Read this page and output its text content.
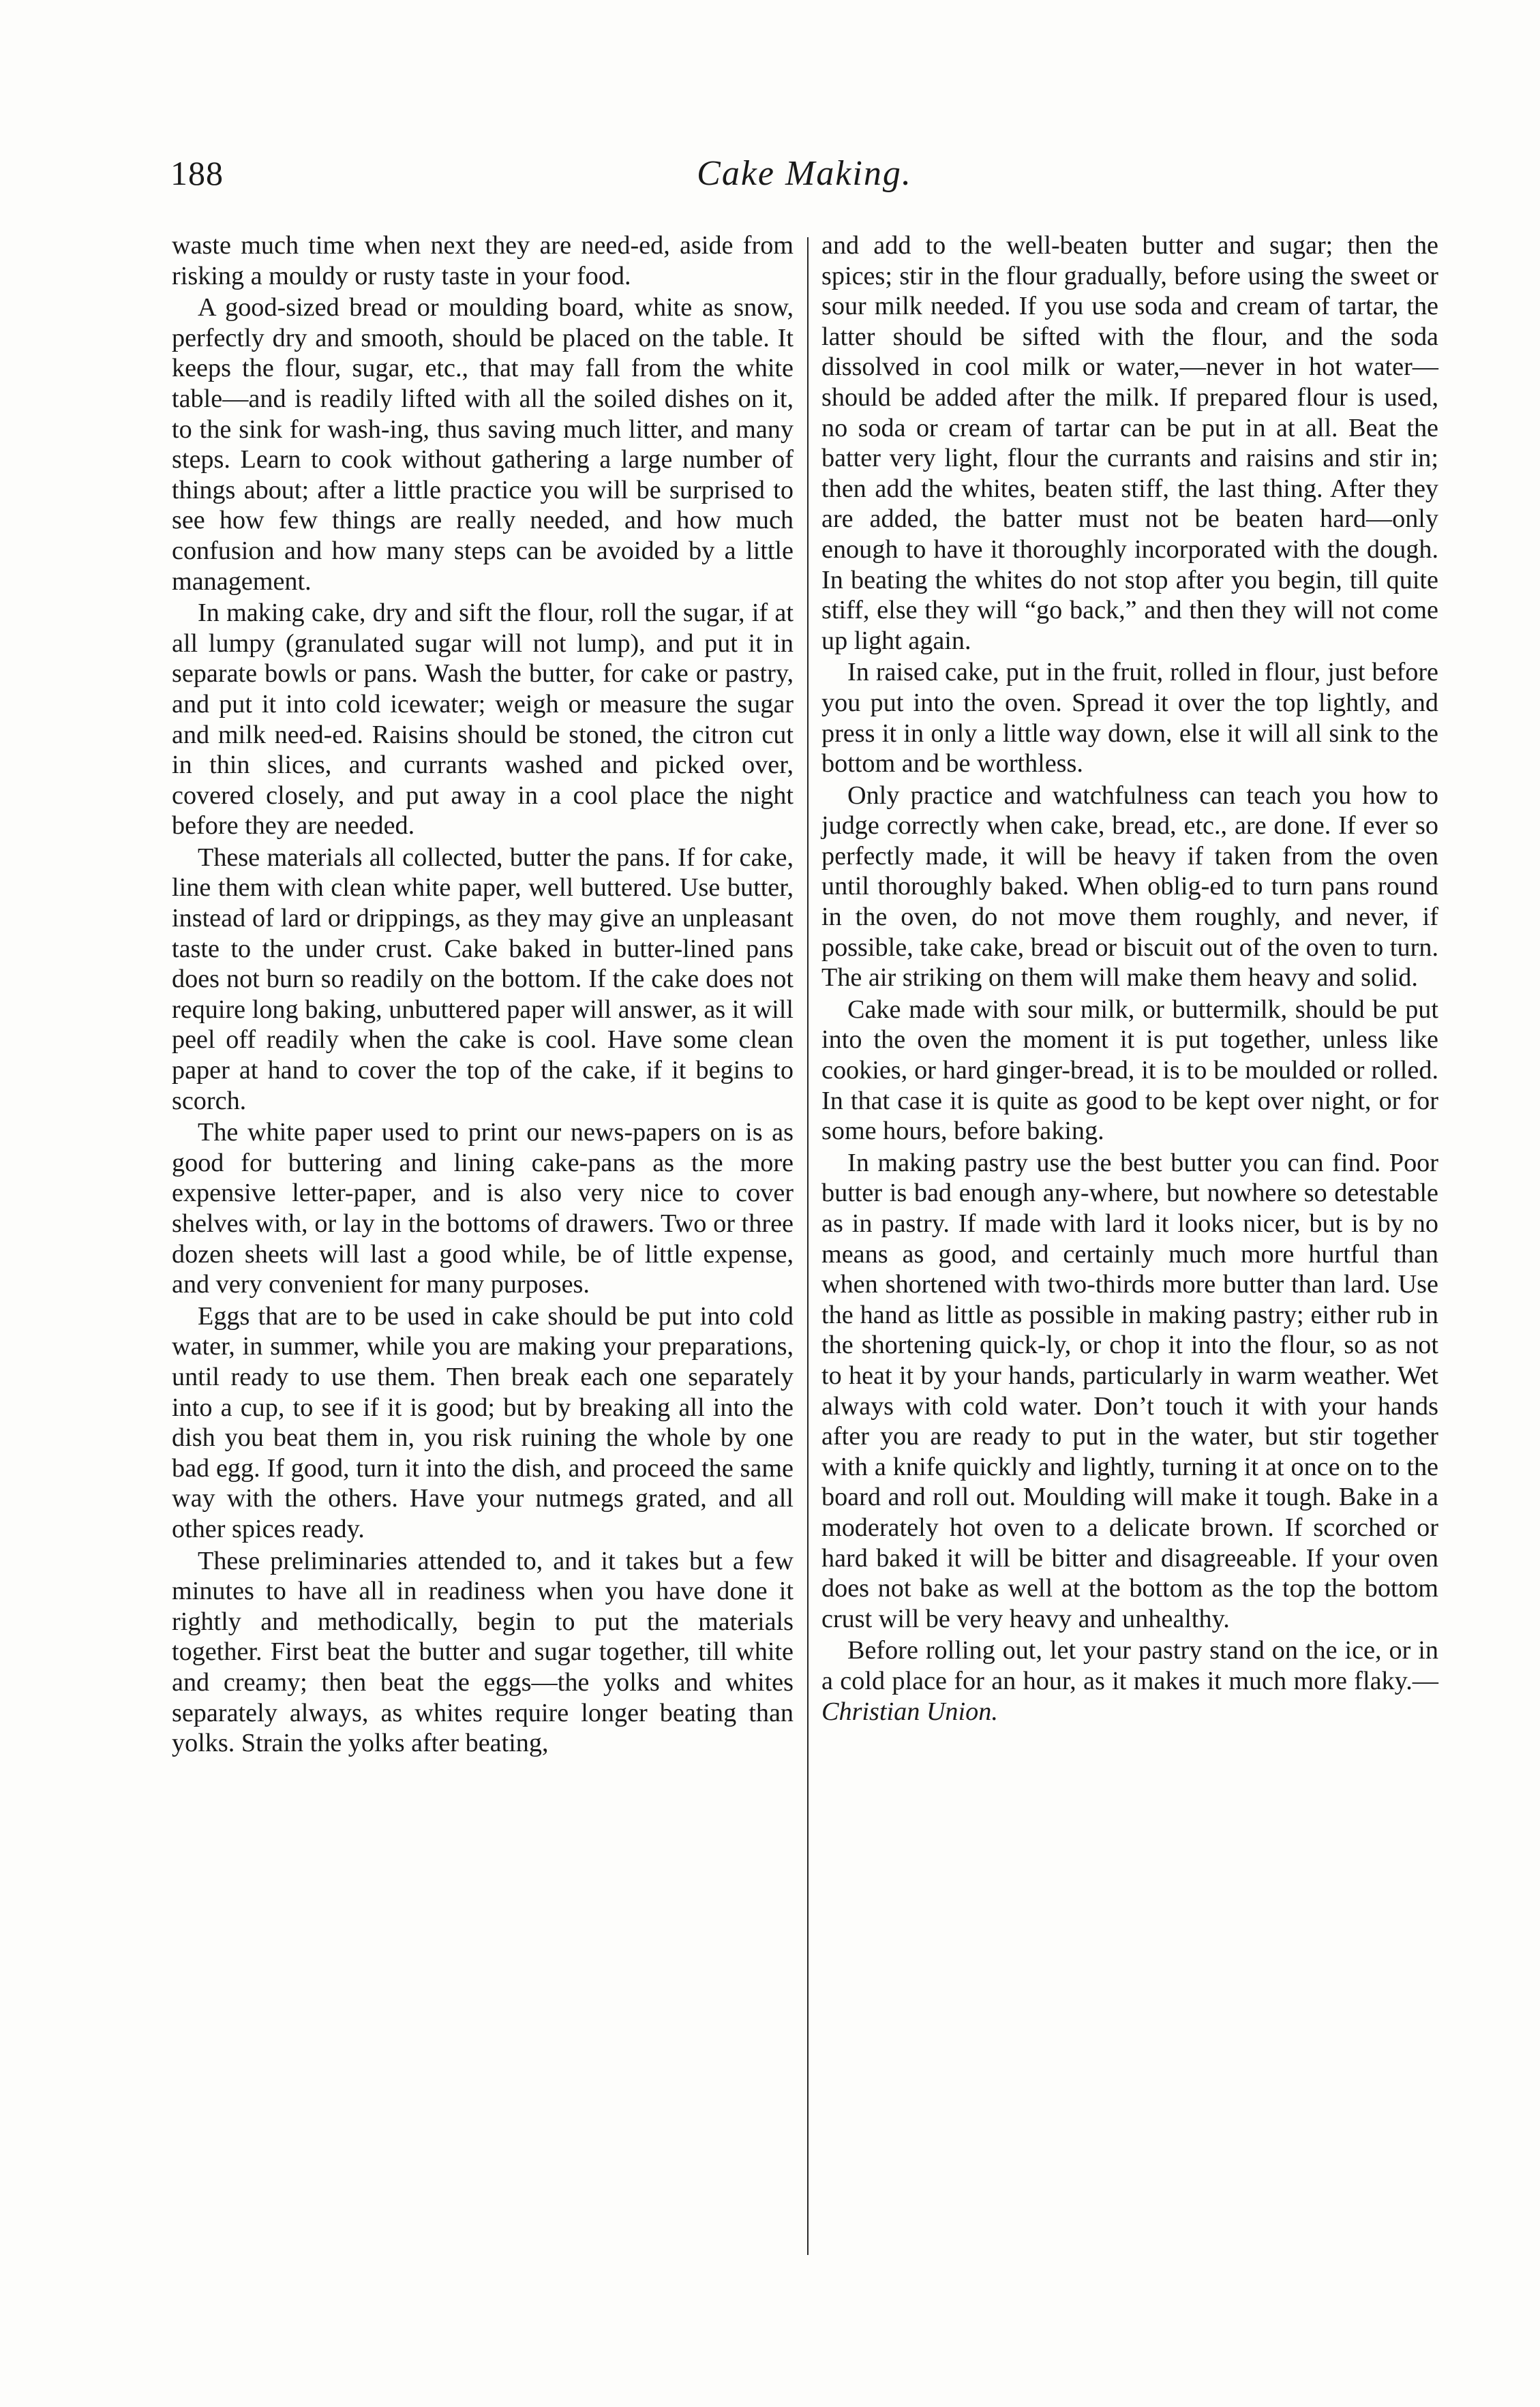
188	Cake Making.

waste much time when next they are need-ed, aside from risking a mouldy or rusty taste in your food.

A good-sized bread or moulding board, white as snow, perfectly dry and smooth, should be placed on the table. It keeps the flour, sugar, etc., that may fall from the white table—and is readily lifted with all the soiled dishes on it, to the sink for wash-ing, thus saving much litter, and many steps. Learn to cook without gathering a large number of things about; after a little practice you will be surprised to see how few things are really needed, and how much confusion and how many steps can be avoided by a little management.

In making cake, dry and sift the flour, roll the sugar, if at all lumpy (granulated sugar will not lump), and put it in separate bowls or pans. Wash the butter, for cake or pastry, and put it into cold icewater; weigh or measure the sugar and milk need-ed. Raisins should be stoned, the citron cut in thin slices, and currants washed and picked over, covered closely, and put away in a cool place the night before they are needed.

These materials all collected, butter the pans. If for cake, line them with clean white paper, well buttered. Use butter, instead of lard or drippings, as they may give an unpleasant taste to the under crust. Cake baked in butter-lined pans does not burn so readily on the bottom. If the cake does not require long baking, unbuttered paper will answer, as it will peel off readily when the cake is cool. Have some clean paper at hand to cover the top of the cake, if it begins to scorch.

The white paper used to print our news-papers on is as good for buttering and lining cake-pans as the more expensive letter-paper, and is also very nice to cover shelves with, or lay in the bottoms of drawers. Two or three dozen sheets will last a good while, be of little expense, and very convenient for many purposes.

Eggs that are to be used in cake should be put into cold water, in summer, while you are making your preparations, until ready to use them. Then break each one separately into a cup, to see if it is good; but by breaking all into the dish you beat them in, you risk ruining the whole by one bad egg. If good, turn it into the dish, and proceed the same way with the others. Have your nutmegs grated, and all other spices ready.

These preliminaries attended to, and it takes but a few minutes to have all in readiness when you have done it rightly and methodically, begin to put the materials together. First beat the butter and sugar together, till white and creamy; then beat the eggs—the yolks and whites separately always, as whites require longer beating than yolks. Strain the yolks after beating,

and add to the well-beaten butter and sugar; then the spices; stir in the flour gradually, before using the sweet or sour milk needed. If you use soda and cream of tartar, the latter should be sifted with the flour, and the soda dissolved in cool milk or water,—never in hot water—should be added after the milk. If prepared flour is used, no soda or cream of tartar can be put in at all. Beat the batter very light, flour the currants and raisins and stir in; then add the whites, beaten stiff, the last thing. After they are added, the batter must not be beaten hard—only enough to have it thoroughly incorporated with the dough. In beating the whites do not stop after you begin, till quite stiff, else they will “go back,” and then they will not come up light again.

In raised cake, put in the fruit, rolled in flour, just before you put into the oven. Spread it over the top lightly, and press it in only a little way down, else it will all sink to the bottom and be worthless.

Only practice and watchfulness can teach you how to judge correctly when cake, bread, etc., are done. If ever so perfectly made, it will be heavy if taken from the oven until thoroughly baked. When oblig-ed to turn pans round in the oven, do not move them roughly, and never, if possible, take cake, bread or biscuit out of the oven to turn. The air striking on them will make them heavy and solid.

Cake made with sour milk, or buttermilk, should be put into the oven the moment it is put together, unless like cookies, or hard ginger-bread, it is to be moulded or rolled. In that case it is quite as good to be kept over night, or for some hours, before baking.

In making pastry use the best butter you can find. Poor butter is bad enough any-where, but nowhere so detestable as in pastry. If made with lard it looks nicer, but is by no means as good, and certainly much more hurtful than when shortened with two-thirds more butter than lard. Use the hand as little as possible in making pastry; either rub in the shortening quick-ly, or chop it into the flour, so as not to heat it by your hands, particularly in warm weather. Wet always with cold water. Don’t touch it with your hands after you are ready to put in the water, but stir together with a knife quickly and lightly, turning it at once on to the board and roll out. Moulding will make it tough. Bake in a moderately hot oven to a delicate brown. If scorched or hard baked it will be bitter and disagreeable. If your oven does not bake as well at the bottom as the top the bottom crust will be very heavy and unhealthy.

Before rolling out, let your pastry stand on the ice, or in a cold place for an hour, as it makes it much more flaky.—Christian Union.
